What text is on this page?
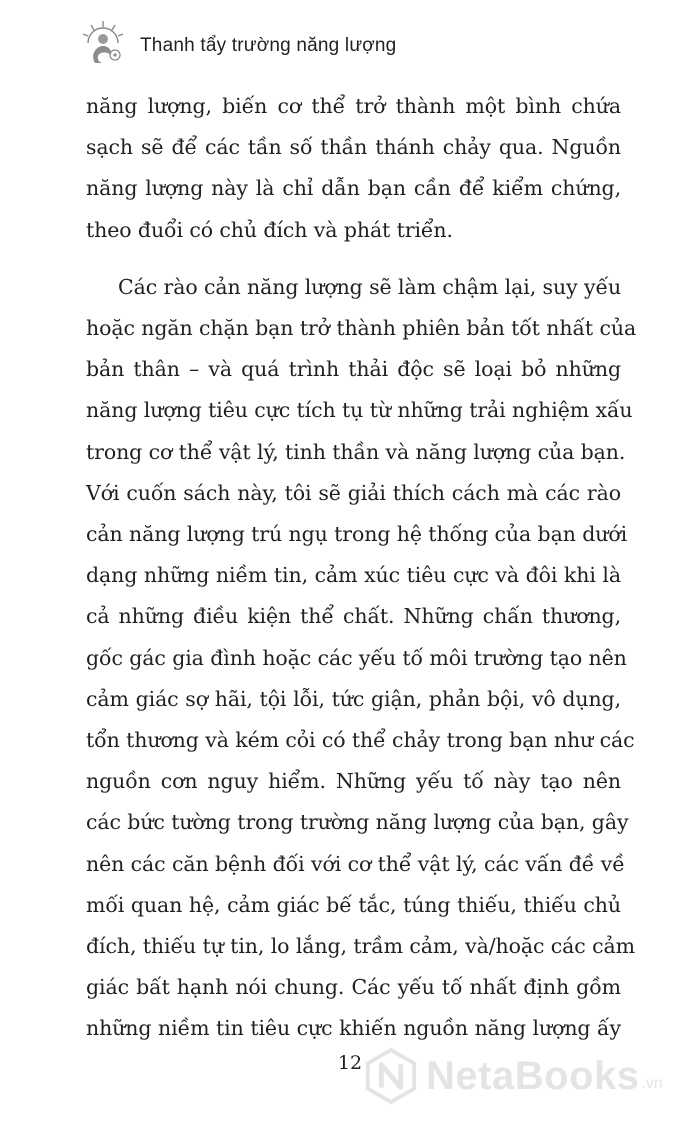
Thanh tẩy trường năng lượng

năng lượng, biến cơ thể trở thành một bình chứa
sạch sẽ để các tần số thần thánh chảy qua. Nguồn
năng lượng này là chỉ dẫn bạn cần để kiểm chứng,
theo đuổi có chủ đích và phát triển.

Các rào cản năng lượng sẽ làm chậm lại, suy yếu
hoặc ngăn chặn bạn trở thành phiên bản tốt nhất của
bản thân – và quá trình thải độc sẽ loại bỏ những
năng lượng tiêu cực tích tụ từ những trải nghiệm xấu
trong cơ thể vật lý, tinh thần và năng lượng của bạn.
Với cuốn sách này, tôi sẽ giải thích cách mà các rào
cản năng lượng trú ngụ trong hệ thống của bạn dưới
dạng những niềm tin, cảm xúc tiêu cực và đôi khi là
cả những điều kiện thể chất. Những chấn thương,
gốc gác gia đình hoặc các yếu tố môi trường tạo nên
cảm giác sợ hãi, tội lỗi, tức giận, phản bội, vô dụng,
tổn thương và kém cỏi có thể chảy trong bạn như các
nguồn cơn nguy hiểm. Những yếu tố này tạo nên
các bức tường trong trường năng lượng của bạn, gây
nên các căn bệnh đối với cơ thể vật lý, các vấn đề về
mối quan hệ, cảm giác bế tắc, túng thiếu, thiếu chủ
đích, thiếu tự tin, lo lắng, trầm cảm, và/hoặc các cảm
giác bất hạnh nói chung. Các yếu tố nhất định gồm
những niềm tin tiêu cực khiến nguồn năng lượng ấy

12	NetaBooks .vn
